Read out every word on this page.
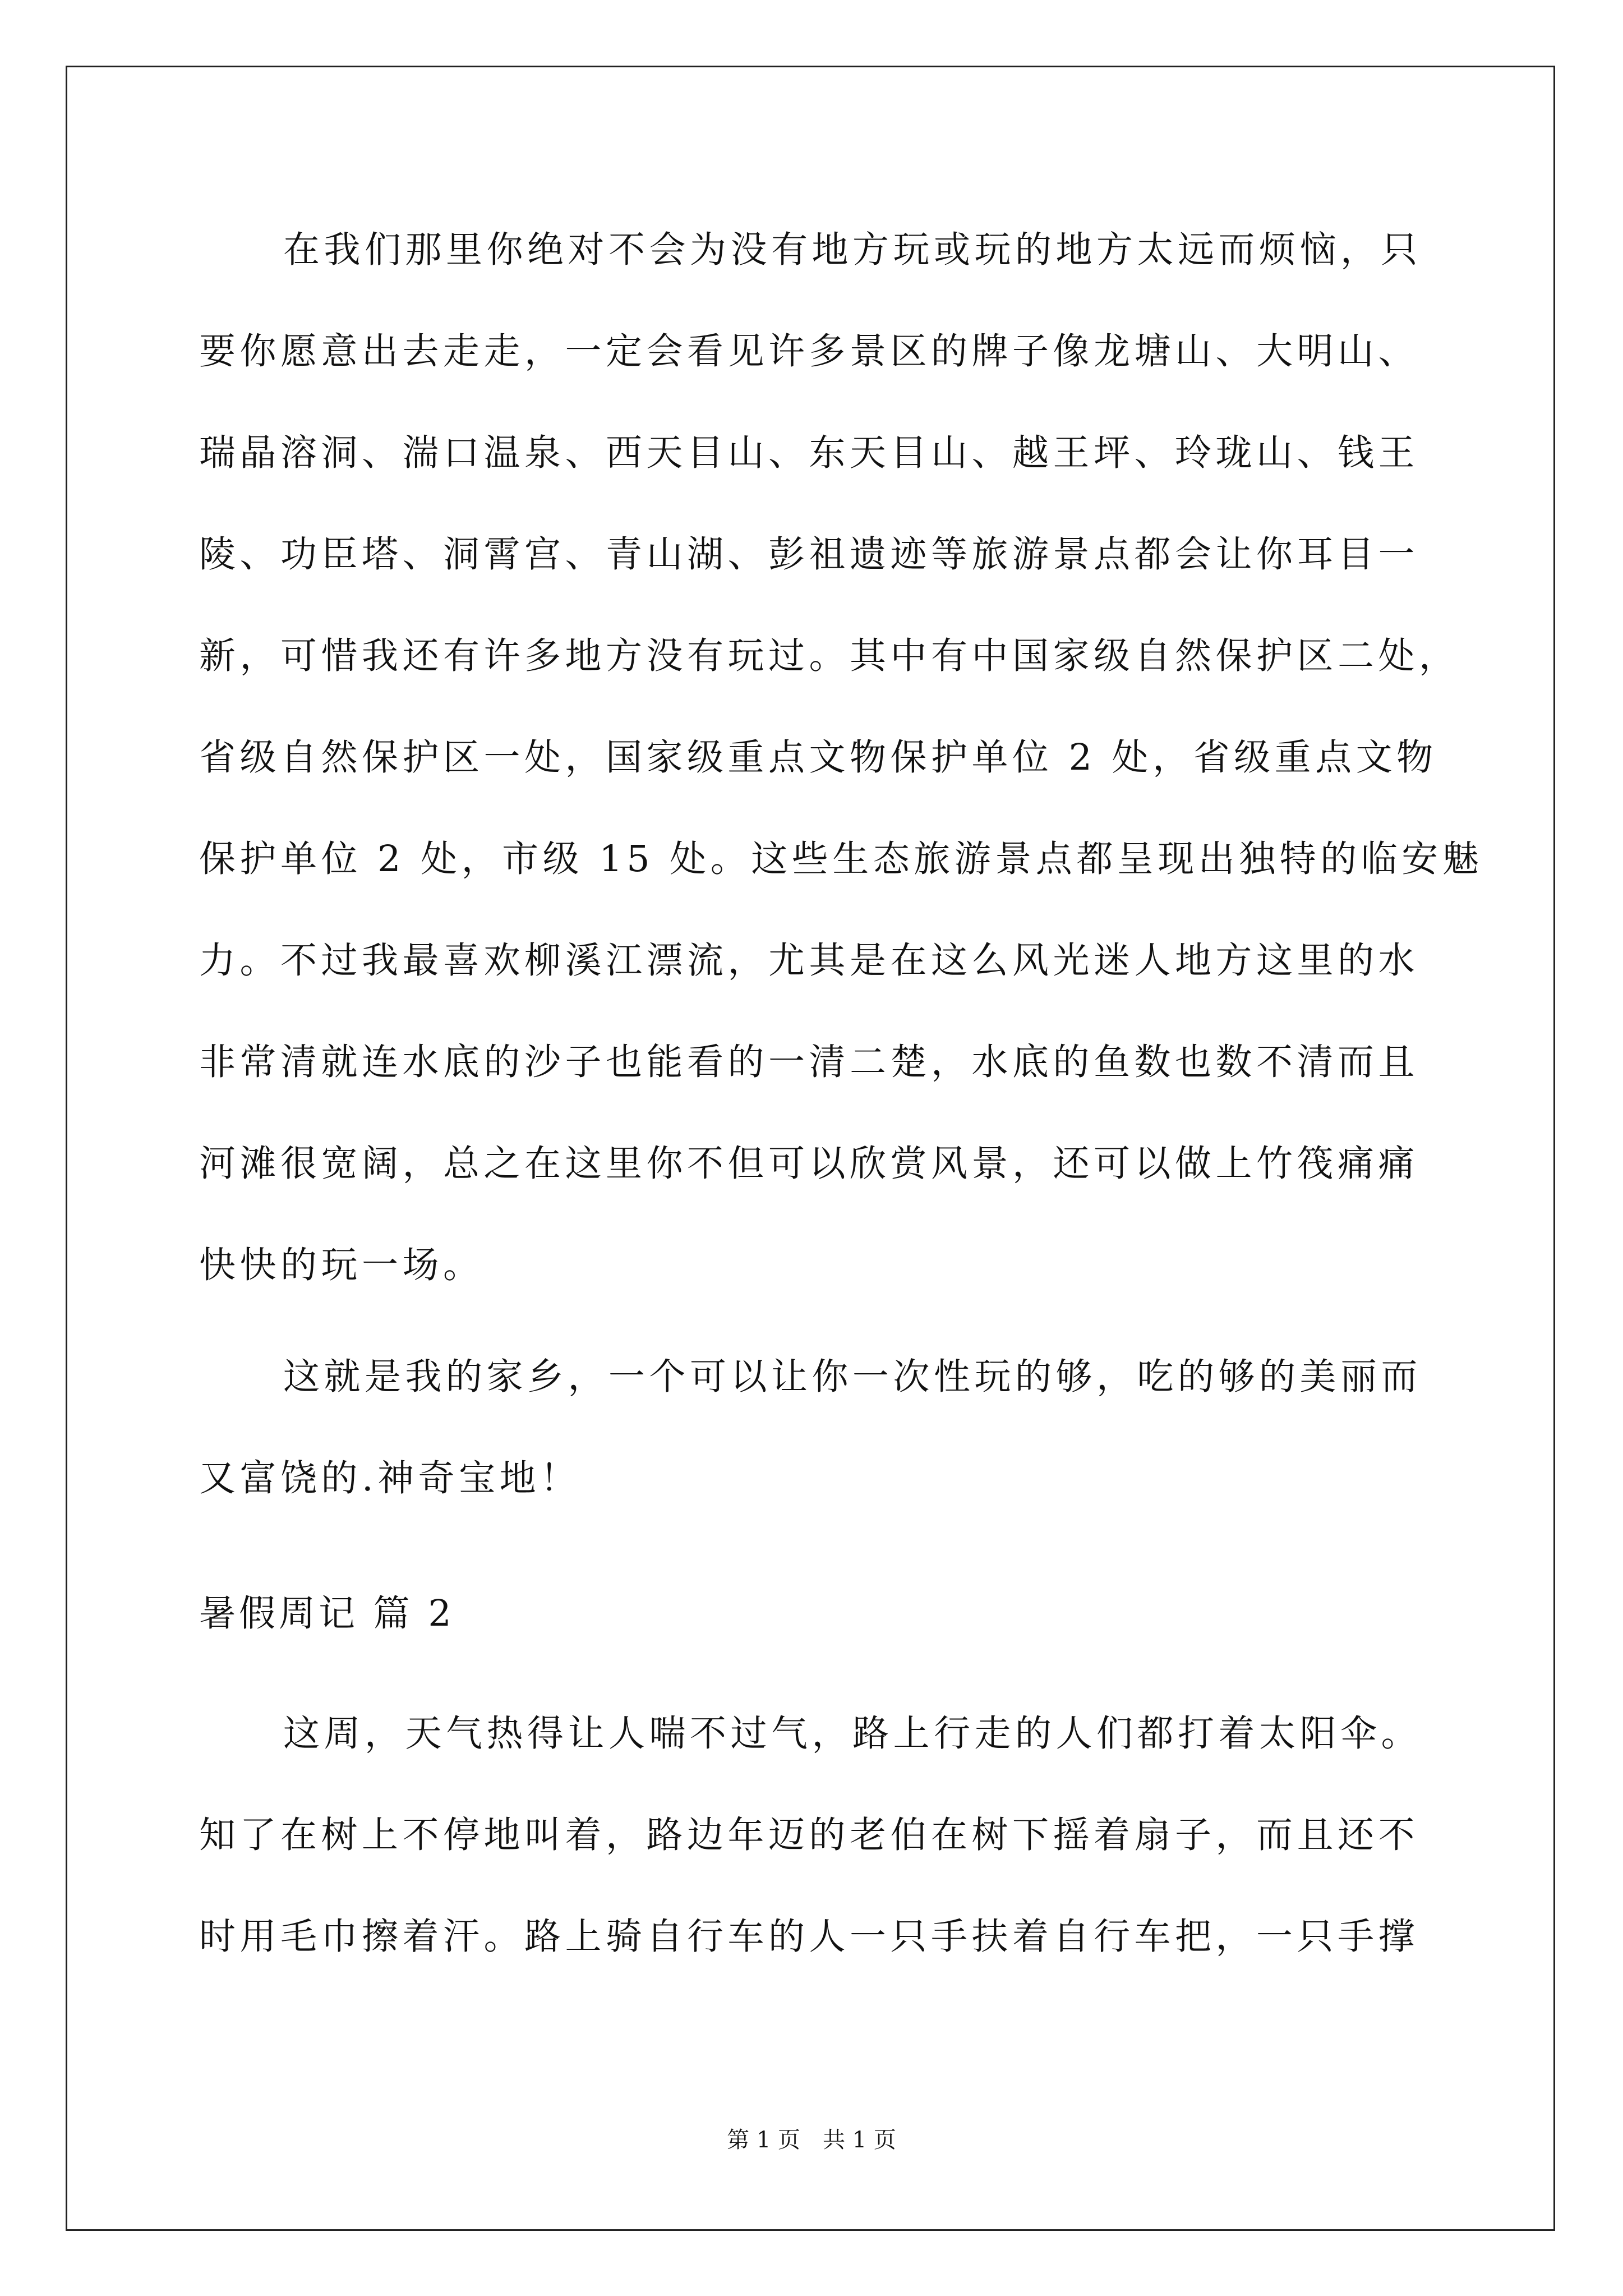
在我们那里你绝对不会为没有地方玩或玩的地方太远而烦恼，只
要你愿意出去走走，一定会看见许多景区的牌子像龙塘山、大明山、
瑞晶溶洞、湍口温泉、西天目山、东天目山、越王坪、玲珑山、钱王
陵、功臣塔、洞霄宫、青山湖、彭祖遗迹等旅游景点都会让你耳目一
新，可惜我还有许多地方没有玩过。其中有中国家级自然保护区二处，
省级自然保护区一处，国家级重点文物保护单位 2 处，省级重点文物
保护单位 2 处，市级 15 处。这些生态旅游景点都呈现出独特的临安魅
力。不过我最喜欢柳溪江漂流，尤其是在这么风光迷人地方这里的水
非常清就连水底的沙子也能看的一清二楚，水底的鱼数也数不清而且
河滩很宽阔，总之在这里你不但可以欣赏风景，还可以做上竹筏痛痛
快快的玩一场。
这就是我的家乡，一个可以让你一次性玩的够，吃的够的美丽而
又富饶的.神奇宝地！
暑假周记 篇 2
这周，天气热得让人喘不过气，路上行走的人们都打着太阳伞。
知了在树上不停地叫着，路边年迈的老伯在树下摇着扇子，而且还不
时用毛巾擦着汗。路上骑自行车的人一只手扶着自行车把，一只手撑
第 1 页　共 1 页
